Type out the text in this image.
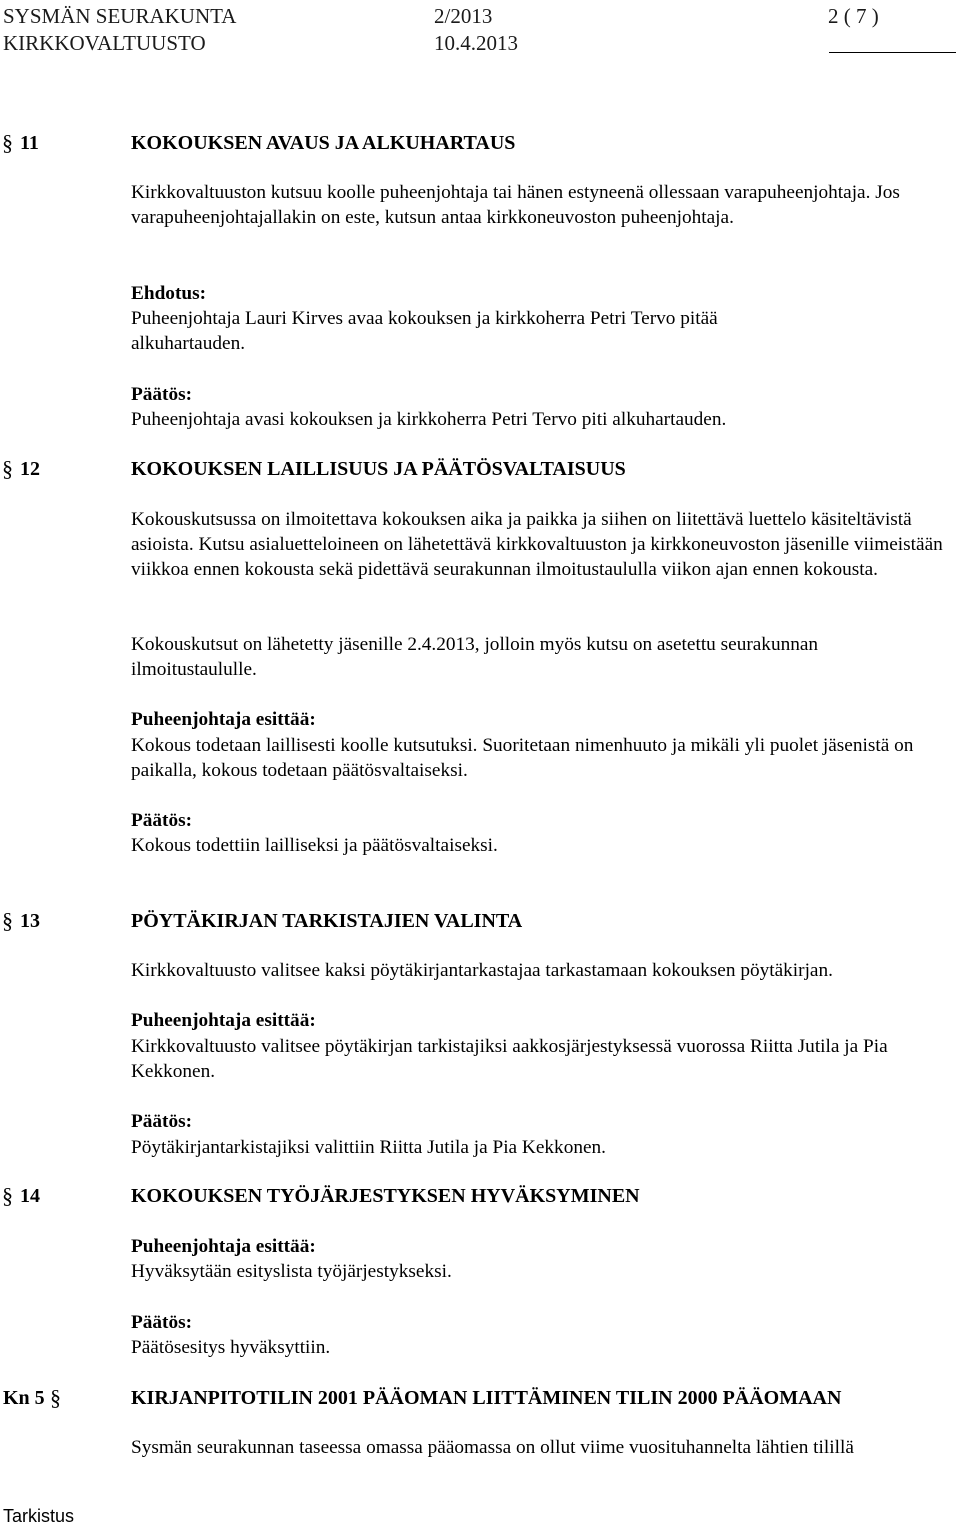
SYSMÄN SEURAKUNTA	2/2013	2 ( 7 )
KIRKKOVALTUUSTO	10.4.2013
§ 11	KOKOUKSEN AVAUS JA ALKUHARTAUS
Kirkkovaltuuston kutsuu koolle puheenjohtaja tai hänen estyneenä ollessaan varapuheenjohtaja. Jos varapuheenjohtajallakin on este, kutsun antaa kirkkoneuvoston puheenjohtaja.
Ehdotus:
Puheenjohtaja Lauri Kirves avaa kokouksen ja kirkkoherra Petri Tervo pitää alkuhartauden.
Päätös:
Puheenjohtaja avasi kokouksen ja kirkkoherra Petri Tervo piti alkuhartauden.
§ 12	KOKOUKSEN LAILLISUUS JA PÄÄTÖSVALTAISUUS
Kokouskutsussa on ilmoitettava kokouksen aika ja paikka ja siihen on liitettävä luettelo käsiteltävistä asioista. Kutsu asialuetteloineen on lähetettävä kirkkovaltuuston ja kirkkoneuvoston jäsenille viimeistään viikkoa ennen kokousta sekä pidettävä seurakunnan ilmoitustaululla viikon ajan ennen kokousta.
Kokouskutsut on lähetetty jäsenille 2.4.2013, jolloin myös kutsu on asetettu seurakunnan ilmoitustaululle.
Puheenjohtaja esittää:
Kokous todetaan laillisesti koolle kutsutuksi. Suoritetaan nimenhuuto ja mikäli yli puolet jäsenistä on paikalla, kokous todetaan päätösvaltaiseksi.
Päätös:
Kokous todettiin lailliseksi ja päätösvaltaiseksi.
§ 13	PÖYTÄKIRJAN TARKISTAJIEN VALINTA
Kirkkovaltuusto valitsee kaksi pöytäkirjantarkastajaa tarkastamaan kokouksen pöytäkirjan.
Puheenjohtaja esittää:
Kirkkovaltuusto valitsee pöytäkirjan tarkistajiksi aakkosjärjestyksessä vuorossa Riitta Jutila ja Pia Kekkonen.
Päätös:
Pöytäkirjantarkistajiksi valittiin Riitta Jutila ja Pia Kekkonen.
§ 14	KOKOUKSEN TYÖJÄRJESTYKSEN HYVÄKSYMINEN
Puheenjohtaja esittää:
Hyväksytään esityslista työjärjestykseksi.
Päätös:
Päätösesitys hyväksyttiin.
Kn 5 §	KIRJANPITOTILIN 2001 PÄÄOMAN LIITTÄMINEN TILIN 2000 PÄÄOMAAN
Sysmän seurakunnan taseessa omassa pääomassa on ollut viime vuosituhannelta lähtien tilillä
Tarkistus
